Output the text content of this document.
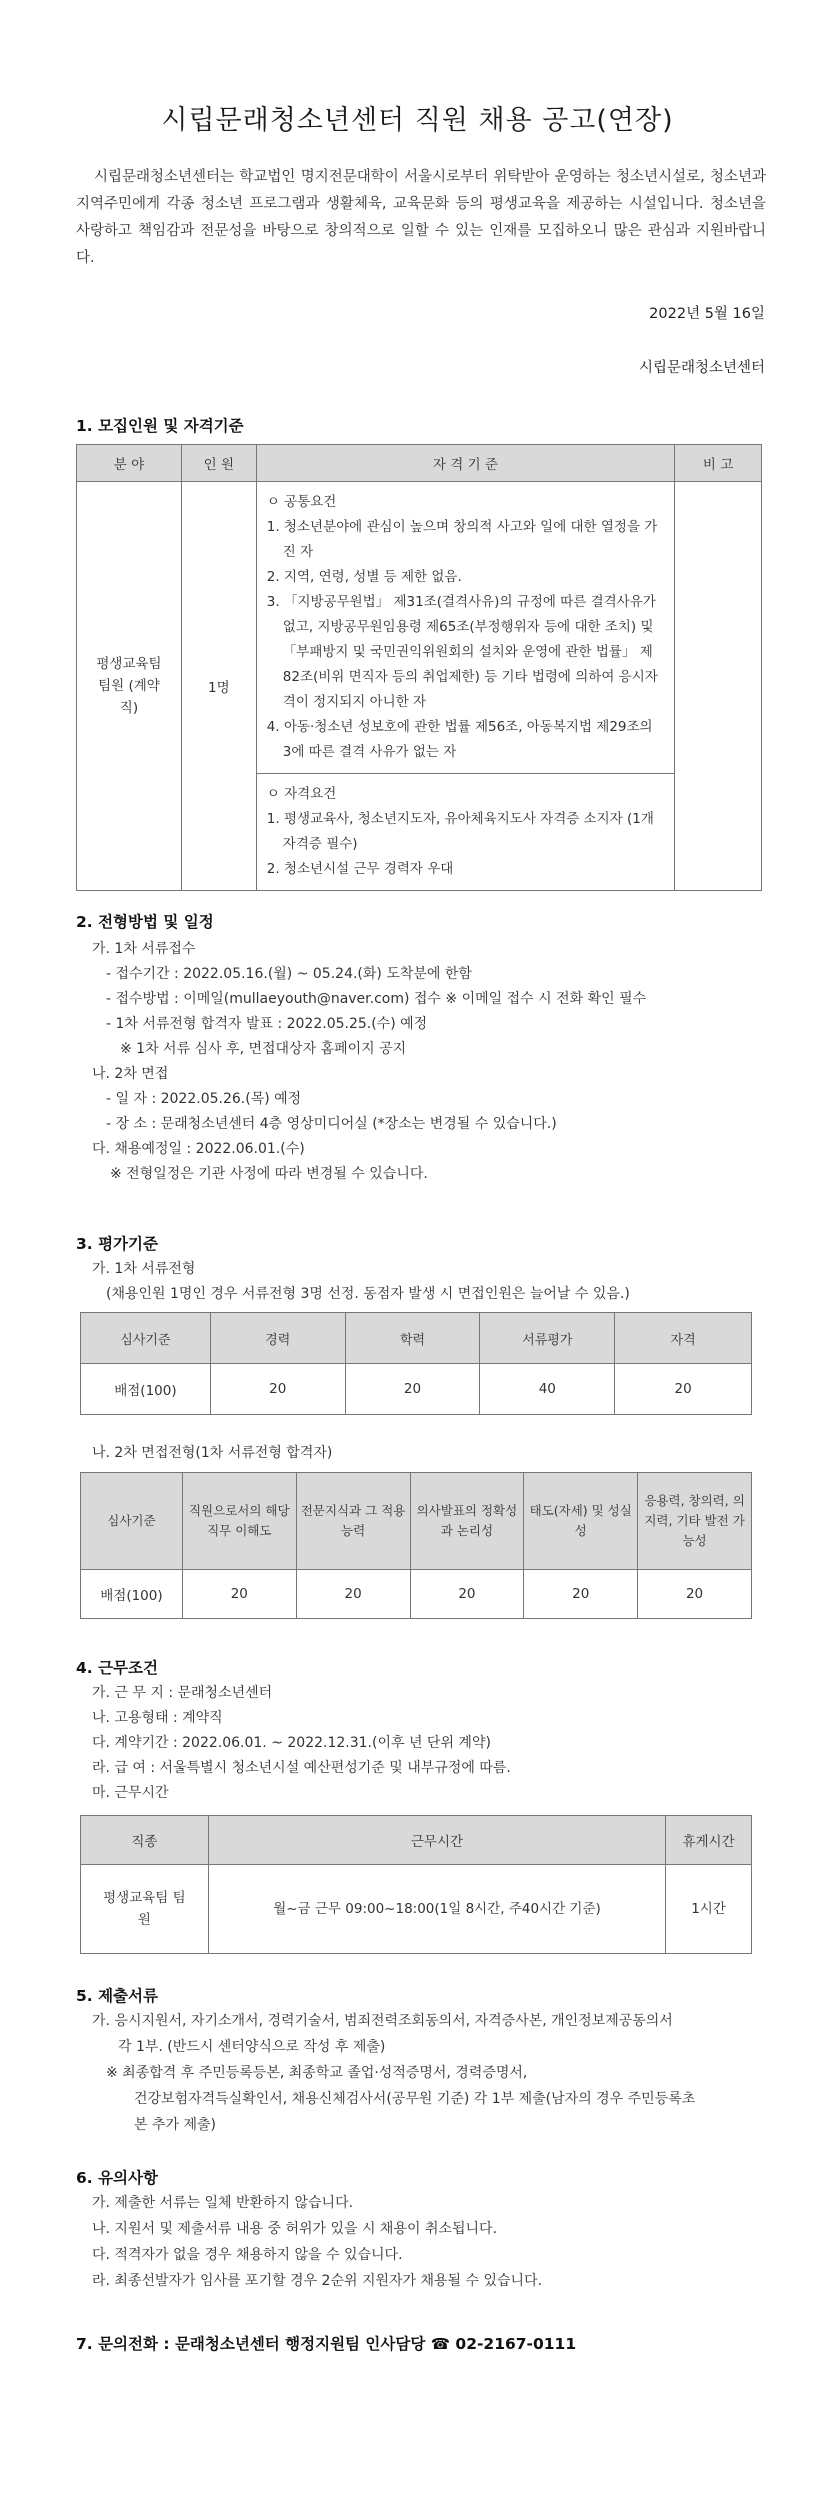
시립문래청소년센터 직원 채용 공고(연장)
시립문래청소년센터는 학교법인 명지전문대학이 서울시로부터 위탁받아 운영하는 청소년시설로, 청소년과 지역주민에게 각종 청소년 프로그램과 생활체육, 교육문화 등의 평생교육을 제공하는 시설입니다. 청소년을 사랑하고 책임감과 전문성을 바탕으로 창의적으로 일할 수 있는 인재를 모집하오니 많은 관심과 지원바랍니다.
2022년 5월 16일
시립문래청소년센터
1. 모집인원 및 자격기준
분 야	인 원	자 격 기 준	비 고
평생교육팀 팀원 (계약직)	1명	ㅇ 공통요건
1. 청소년분야에 관심이 높으며 창의적 사고와 일에 대한 열정을 가진 자
2. 지역, 연령, 성별 등 제한 없음.
3. 「지방공무원법」 제31조(결격사유)의 규정에 따른 결격사유가 없고, 지방공무원임용령 제65조(부정행위자 등에 대한 조치) 및 「부패방지 및 국민권익위원회의 설치와 운영에 관한 법률」 제82조(비위 면직자 등의 취업제한) 등 기타 법령에 의하여 응시자격이 정지되지 아니한 자
4. 아동·청소년 성보호에 관한 법률 제56조, 아동복지법 제29조의 3에 따른 결격 사유가 없는 자	

		ㅇ 자격요건
1. 평생교육사, 청소년지도자, 유아체육지도사 자격증 소지자 (1개 자격증 필수)
2. 청소년시설 근무 경력자 우대	
2. 전형방법 및 일정
가. 1차 서류접수
- 접수기간 : 2022.05.16.(월) ~ 05.24.(화) 도착분에 한함
- 접수방법 : 이메일(mullaeyouth@naver.com) 접수 ※ 이메일 접수 시 전화 확인 필수
- 1차 서류전형 합격자 발표 : 2022.05.25.(수) 예정
※ 1차 서류 심사 후, 면접대상자 홈페이지 공지
나. 2차 면접
- 일 자 : 2022.05.26.(목) 예정
- 장 소 : 문래청소년센터 4층 영상미디어실 (*장소는 변경될 수 있습니다.)
다. 채용예정일 : 2022.06.01.(수)
※ 전형일정은 기관 사정에 따라 변경될 수 있습니다.
3. 평가기준
가. 1차 서류전형
(채용인원 1명인 경우 서류전형 3명 선정. 동점자 발생 시 면접인원은 늘어날 수 있음.)
심사기준	경력	학력	서류평가	자격
배점(100)	20	20	40	20
나. 2차 면접전형(1차 서류전형 합격자)
심사기준	직원으로서의 해당직무 이해도	전문지식과 그 적용능력	의사발표의 정확성과 논리성	태도(자세) 및 성실성	응용력, 창의력, 의지력, 기타 발전 가능성
배점(100)	20	20	20	20	20
4. 근무조건
가. 근 무 지 : 문래청소년센터
나. 고용형태 : 계약직
다. 계약기간 : 2022.06.01. ~ 2022.12.31.(이후 년 단위 계약)
라. 급 여 : 서울특별시 청소년시설 예산편성기준 및 내부규정에 따름.
마. 근무시간
직종	근무시간	휴게시간
평생교육팀 팀원	월~금 근무 09:00~18:00(1일 8시간, 주40시간 기준)	1시간
5. 제출서류
가. 응시지원서, 자기소개서, 경력기술서, 범죄전력조회동의서, 자격증사본, 개인정보제공동의서
각 1부. (반드시 센터양식으로 작성 후 제출)
※ 최종합격 후 주민등록등본, 최종학교 졸업·성적증명서, 경력증명서,
건강보험자격득실확인서, 채용신체검사서(공무원 기준) 각 1부 제출(남자의 경우 주민등록초
본 추가 제출)
6. 유의사항
가. 제출한 서류는 일체 반환하지 않습니다.
나. 지원서 및 제출서류 내용 중 허위가 있을 시 채용이 취소됩니다.
다. 적격자가 없을 경우 채용하지 않을 수 있습니다.
라. 최종선발자가 임사를 포기할 경우 2순위 지원자가 채용될 수 있습니다.
7. 문의전화 : 문래청소년센터 행정지원팀 인사담당 ☎ 02-2167-0111
